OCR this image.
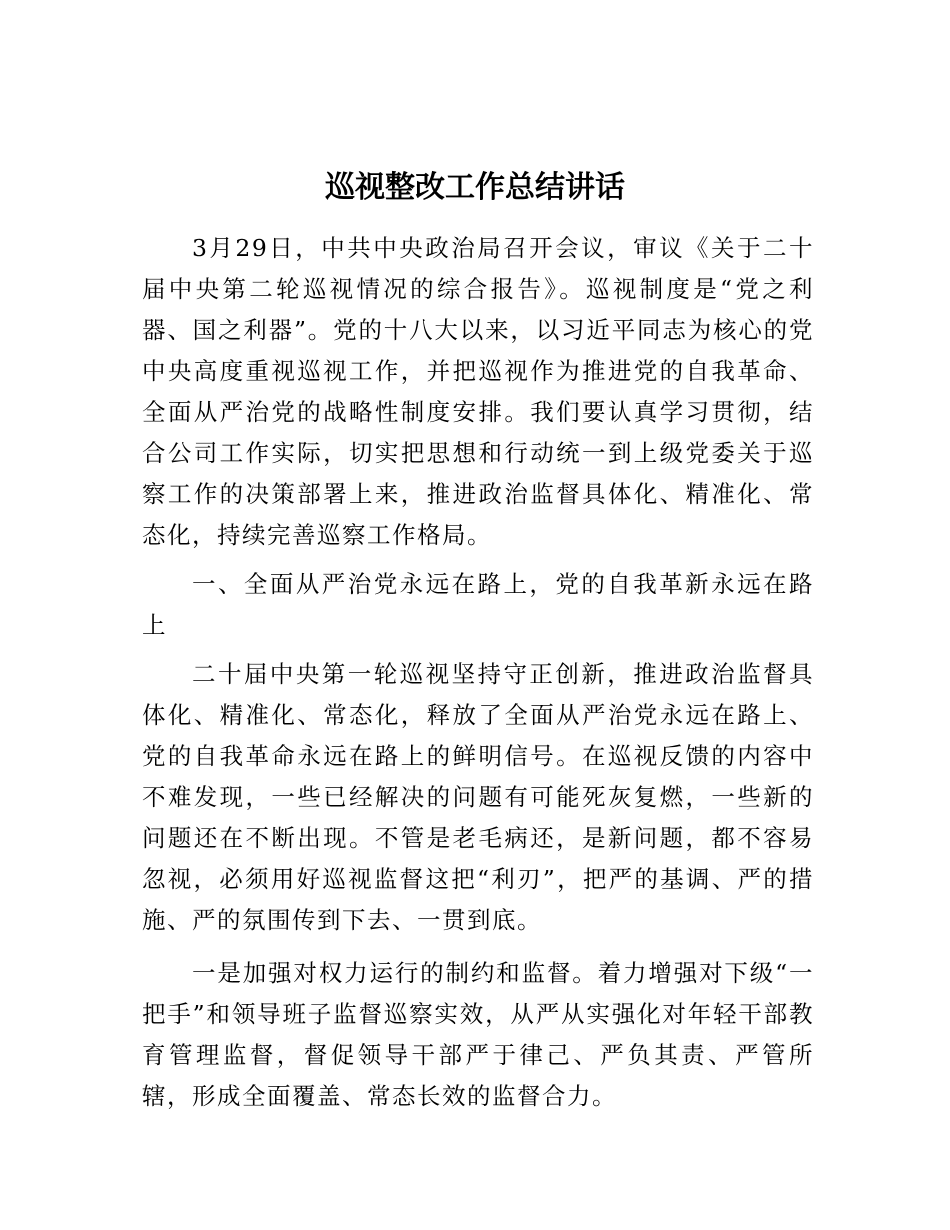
巡视整改工作总结讲话

3月29日，中共中央政治局召开会议，审议《关于二十届中央第二轮巡视情况的综合报告》。巡视制度是“党之利器、国之利器”。党的十八大以来，以习近平同志为核心的党中央高度重视巡视工作，并把巡视作为推进党的自我革命、全面从严治党的战略性制度安排。我们要认真学习贯彻，结合公司工作实际，切实把思想和行动统一到上级党委关于巡察工作的决策部署上来，推进政治监督具体化、精准化、常态化，持续完善巡察工作格局。

一、全面从严治党永远在路上，党的自我革新永远在路上

二十届中央第一轮巡视坚持守正创新，推进政治监督具体化、精准化、常态化，释放了全面从严治党永远在路上、党的自我革命永远在路上的鲜明信号。在巡视反馈的内容中不难发现，一些已经解决的问题有可能死灰复燃，一些新的问题还在不断出现。不管是老毛病还，是新问题，都不容易忽视，必须用好巡视监督这把“利刃”，把严的基调、严的措施、严的氛围传到下去、一贯到底。

一是加强对权力运行的制约和监督。着力增强对下级“一把手”和领导班子监督巡察实效，从严从实强化对年轻干部教育管理监督，督促领导干部严于律己、严负其责、严管所辖，形成全面覆盖、常态长效的监督合力。
